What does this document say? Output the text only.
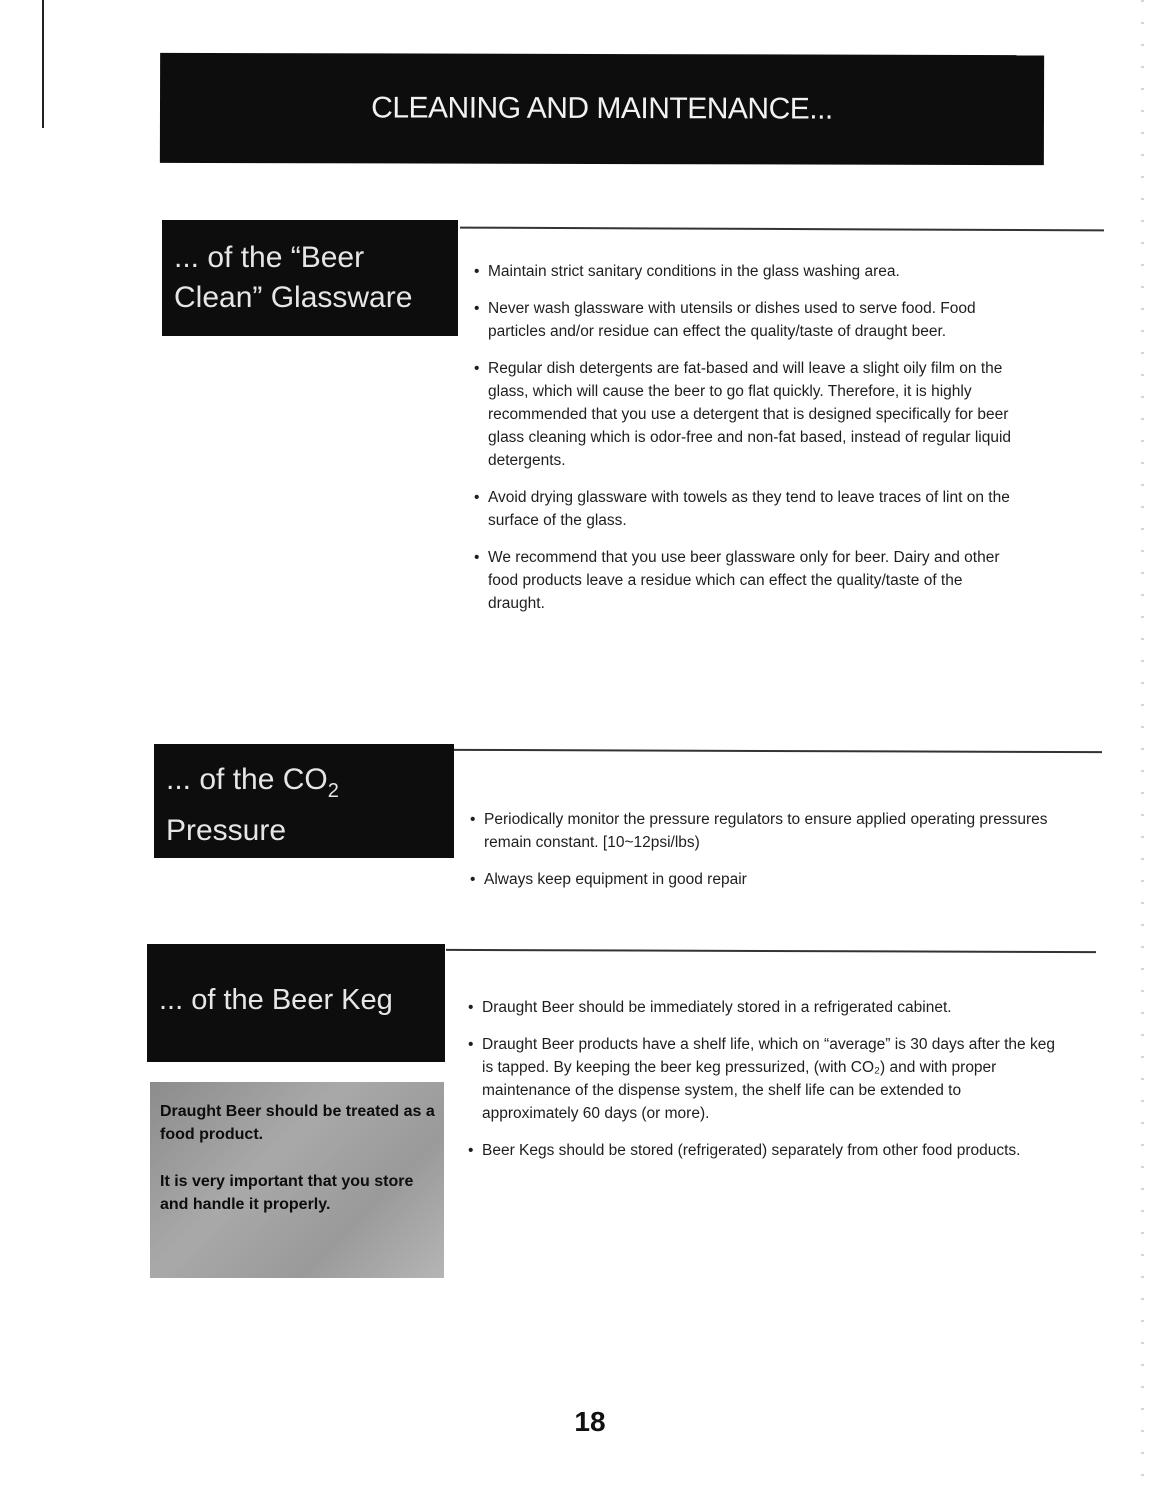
CLEANING AND MAINTENANCE...
... of the “Beer
Clean” Glassware
• Maintain strict sanitary conditions in the glass washing area.
• Never wash glassware with utensils or dishes used to serve food. Food particles and/or residue can effect the quality/taste of draught beer.
• Regular dish detergents are fat-based and will leave a slight oily film on the glass, which will cause the beer to go flat quickly. Therefore, it is highly recommended that you use a detergent that is designed specifically for beer glass cleaning which is odor-free and non-fat based, instead of regular liquid detergents.
• Avoid drying glassware with towels as they tend to leave traces of lint on the surface of the glass.
• We recommend that you use beer glassware only for beer. Dairy and other food products leave a residue which can effect the quality/taste of the draught.
... of the $CO_2$
Pressure	• Periodically monitor the pressure regulators to ensure applied operating pressures remain constant. [10~12psi/lbs)
• Always keep equipment in good repair
... of the Beer Keg	• Draught Beer should be immediately stored in a refrigerated cabinet.
• Draught Beer products have a shelf life, which on “average” is 30 days after the keg is tapped. By keeping the beer keg pressurized, (with CO₂) and with proper maintenance of the dispense system, the shelf life can be extended to approximately 60 days (or more).
• Beer Kegs should be stored (refrigerated) separately from other food products.

Draught Beer should be treated as a food product.

It is very important that you store and handle it properly.

18
